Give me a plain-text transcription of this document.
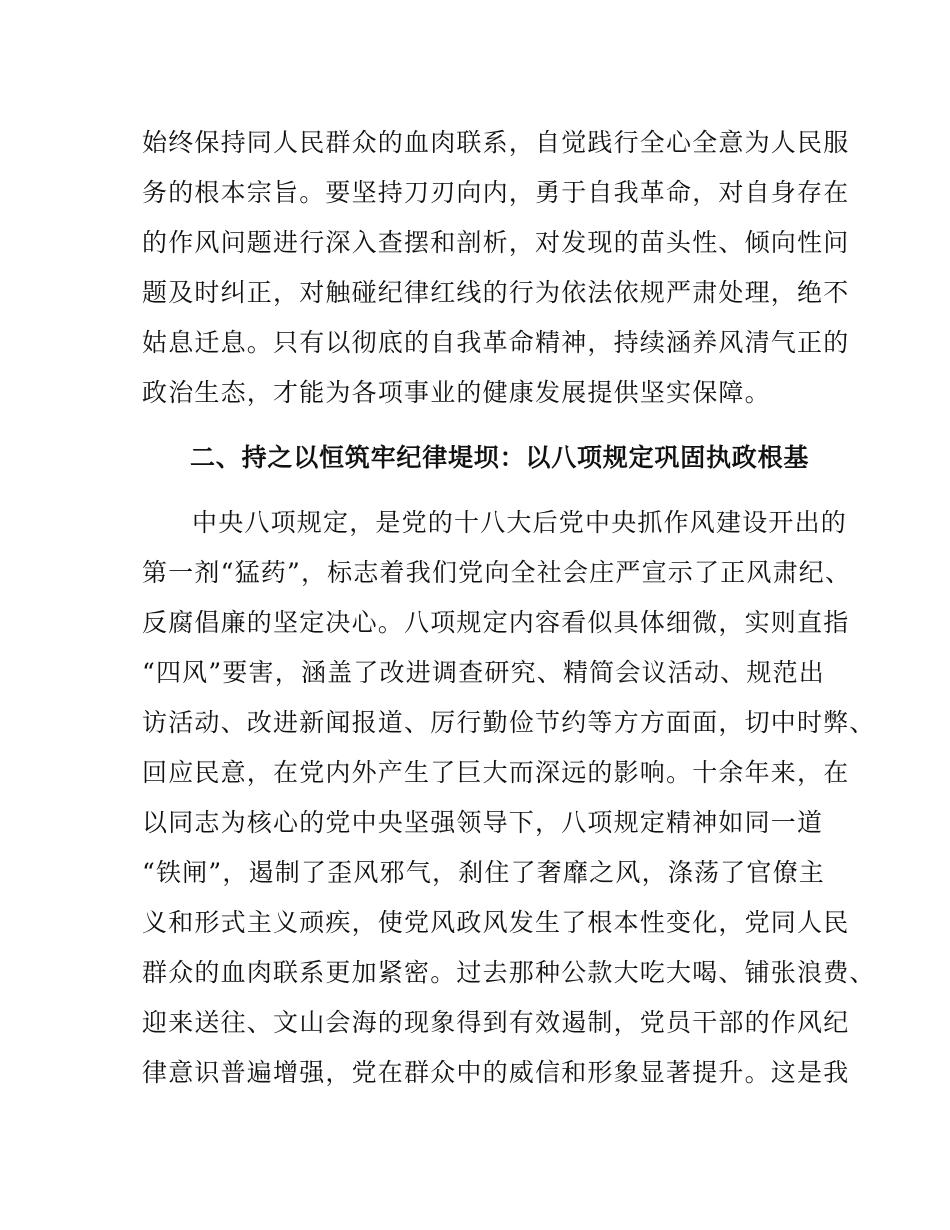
始终保持同人民群众的血肉联系，自觉践行全心全意为人民服
务的根本宗旨。要坚持刀刃向内，勇于自我革命，对自身存在
的作风问题进行深入查摆和剖析，对发现的苗头性、倾向性问
题及时纠正，对触碰纪律红线的行为依法依规严肃处理，绝不
姑息迁息。只有以彻底的自我革命精神，持续涵养风清气正的
政治生态，才能为各项事业的健康发展提供坚实保障。
二、持之以恒筑牢纪律堤坝：以八项规定巩固执政根基
中央八项规定，是党的十八大后党中央抓作风建设开出的
第一剂“猛药”，标志着我们党向全社会庄严宣示了正风肃纪、
反腐倡廉的坚定决心。八项规定内容看似具体细微，实则直指
“四风”要害，涵盖了改进调查研究、精简会议活动、规范出
访活动、改进新闻报道、厉行勤俭节约等方方面面，切中时弊、
回应民意，在党内外产生了巨大而深远的影响。十余年来，在
以同志为核心的党中央坚强领导下，八项规定精神如同一道
“铁闸”，遏制了歪风邪气，刹住了奢靡之风，涤荡了官僚主
义和形式主义顽疾，使党风政风发生了根本性变化，党同人民
群众的血肉联系更加紧密。过去那种公款大吃大喝、铺张浪费、
迎来送往、文山会海的现象得到有效遏制，党员干部的作风纪
律意识普遍增强，党在群众中的威信和形象显著提升。这是我
